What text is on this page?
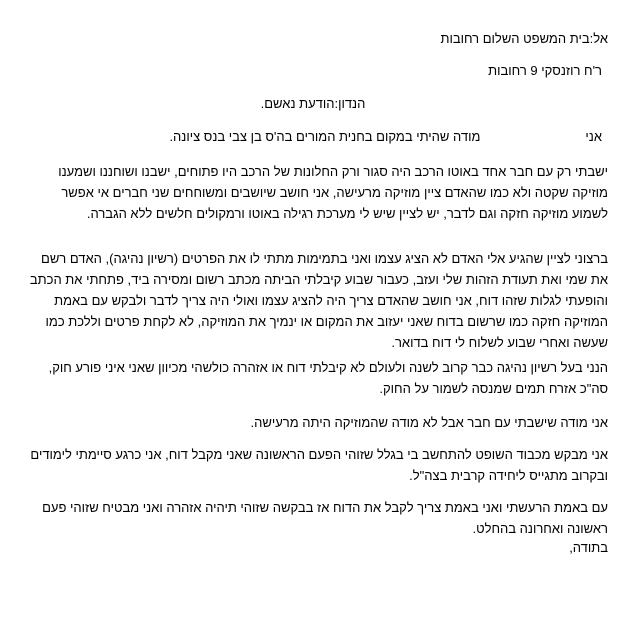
אל:בית המשפט השלום רחובות

ר'ח רוזנסקי 9 רחובות

הנדון:הודעת נאשם.

אנימודה שהיתי במקום בחנית המורים בה'ס בן צבי בנס ציונה.

ישבתי רק עם חבר אחד באוטו הרכב היה סגור ורק החלונות של הרכב היו פתוחים, ישבנו ושוחננו ושמענו מוזיקה שקטה ולא כמו שהאדם ציין מוזיקה מרעישה, אני חושב שיושבים ומשוחחים שני חברים אי אפשר לשמוע מוזיקה חזקה וגם לדבר, יש לציין שיש לי מערכת רגילה באוטו ורמקולים חלשים ללא הגברה.

ברצוני לציין שהגיע אלי האדם לא הציג עצמו ואני בתמימות מתתי לו את הפרטים (רשיון נהיגה), האדם רשם את שמי ואת תעודת הזהות שלי ועזב, כעבור שבוע קיבלתי הביתה מכתב רשום ומסירה ביד, פתחתי את הכתב והופעתי לגלות שזהו דוח, אני חושב שהאדם צריך היה להציג עצמו ואולי היה צריך לדבר ולבקש עם באמת המוזיקה חזקה כמו שרשום בדוח שאני יעזוב את המקום או ינמיך את המוזיקה, לא לקחת פרטים וללכת כמו שעשה ואחרי שבוע לשלוח לי דוח בדואר.

הנני בעל רשיון נהיגה כבר קרוב לשנה ולעולם לא קיבלתי דוח או אזהרה כולשהי מכיוון שאני איני פורע חוק, סה"כ אזרח תמים שמנסה לשמור על החוק.

אני מודה שישבתי עם חבר אבל לא מודה שהמוזיקה היתה מרעישה.

אני מבקש מכבוד השופט להתחשב בי בגלל שזוהי הפעם הראשונה שאני מקבל דוח, אני כרגע סיימתי לימודים ובקרוב מתגייס ליחידה קרבית בצה"ל.

עם באמת הרעשתי ואני באמת צריך לקבל את הדוח אז בבקשה שזוהי תיהיה אזהרה ואני מבטיח שזוהי פעם ראשונה ואחרונה בהחלט.

בתודה,
